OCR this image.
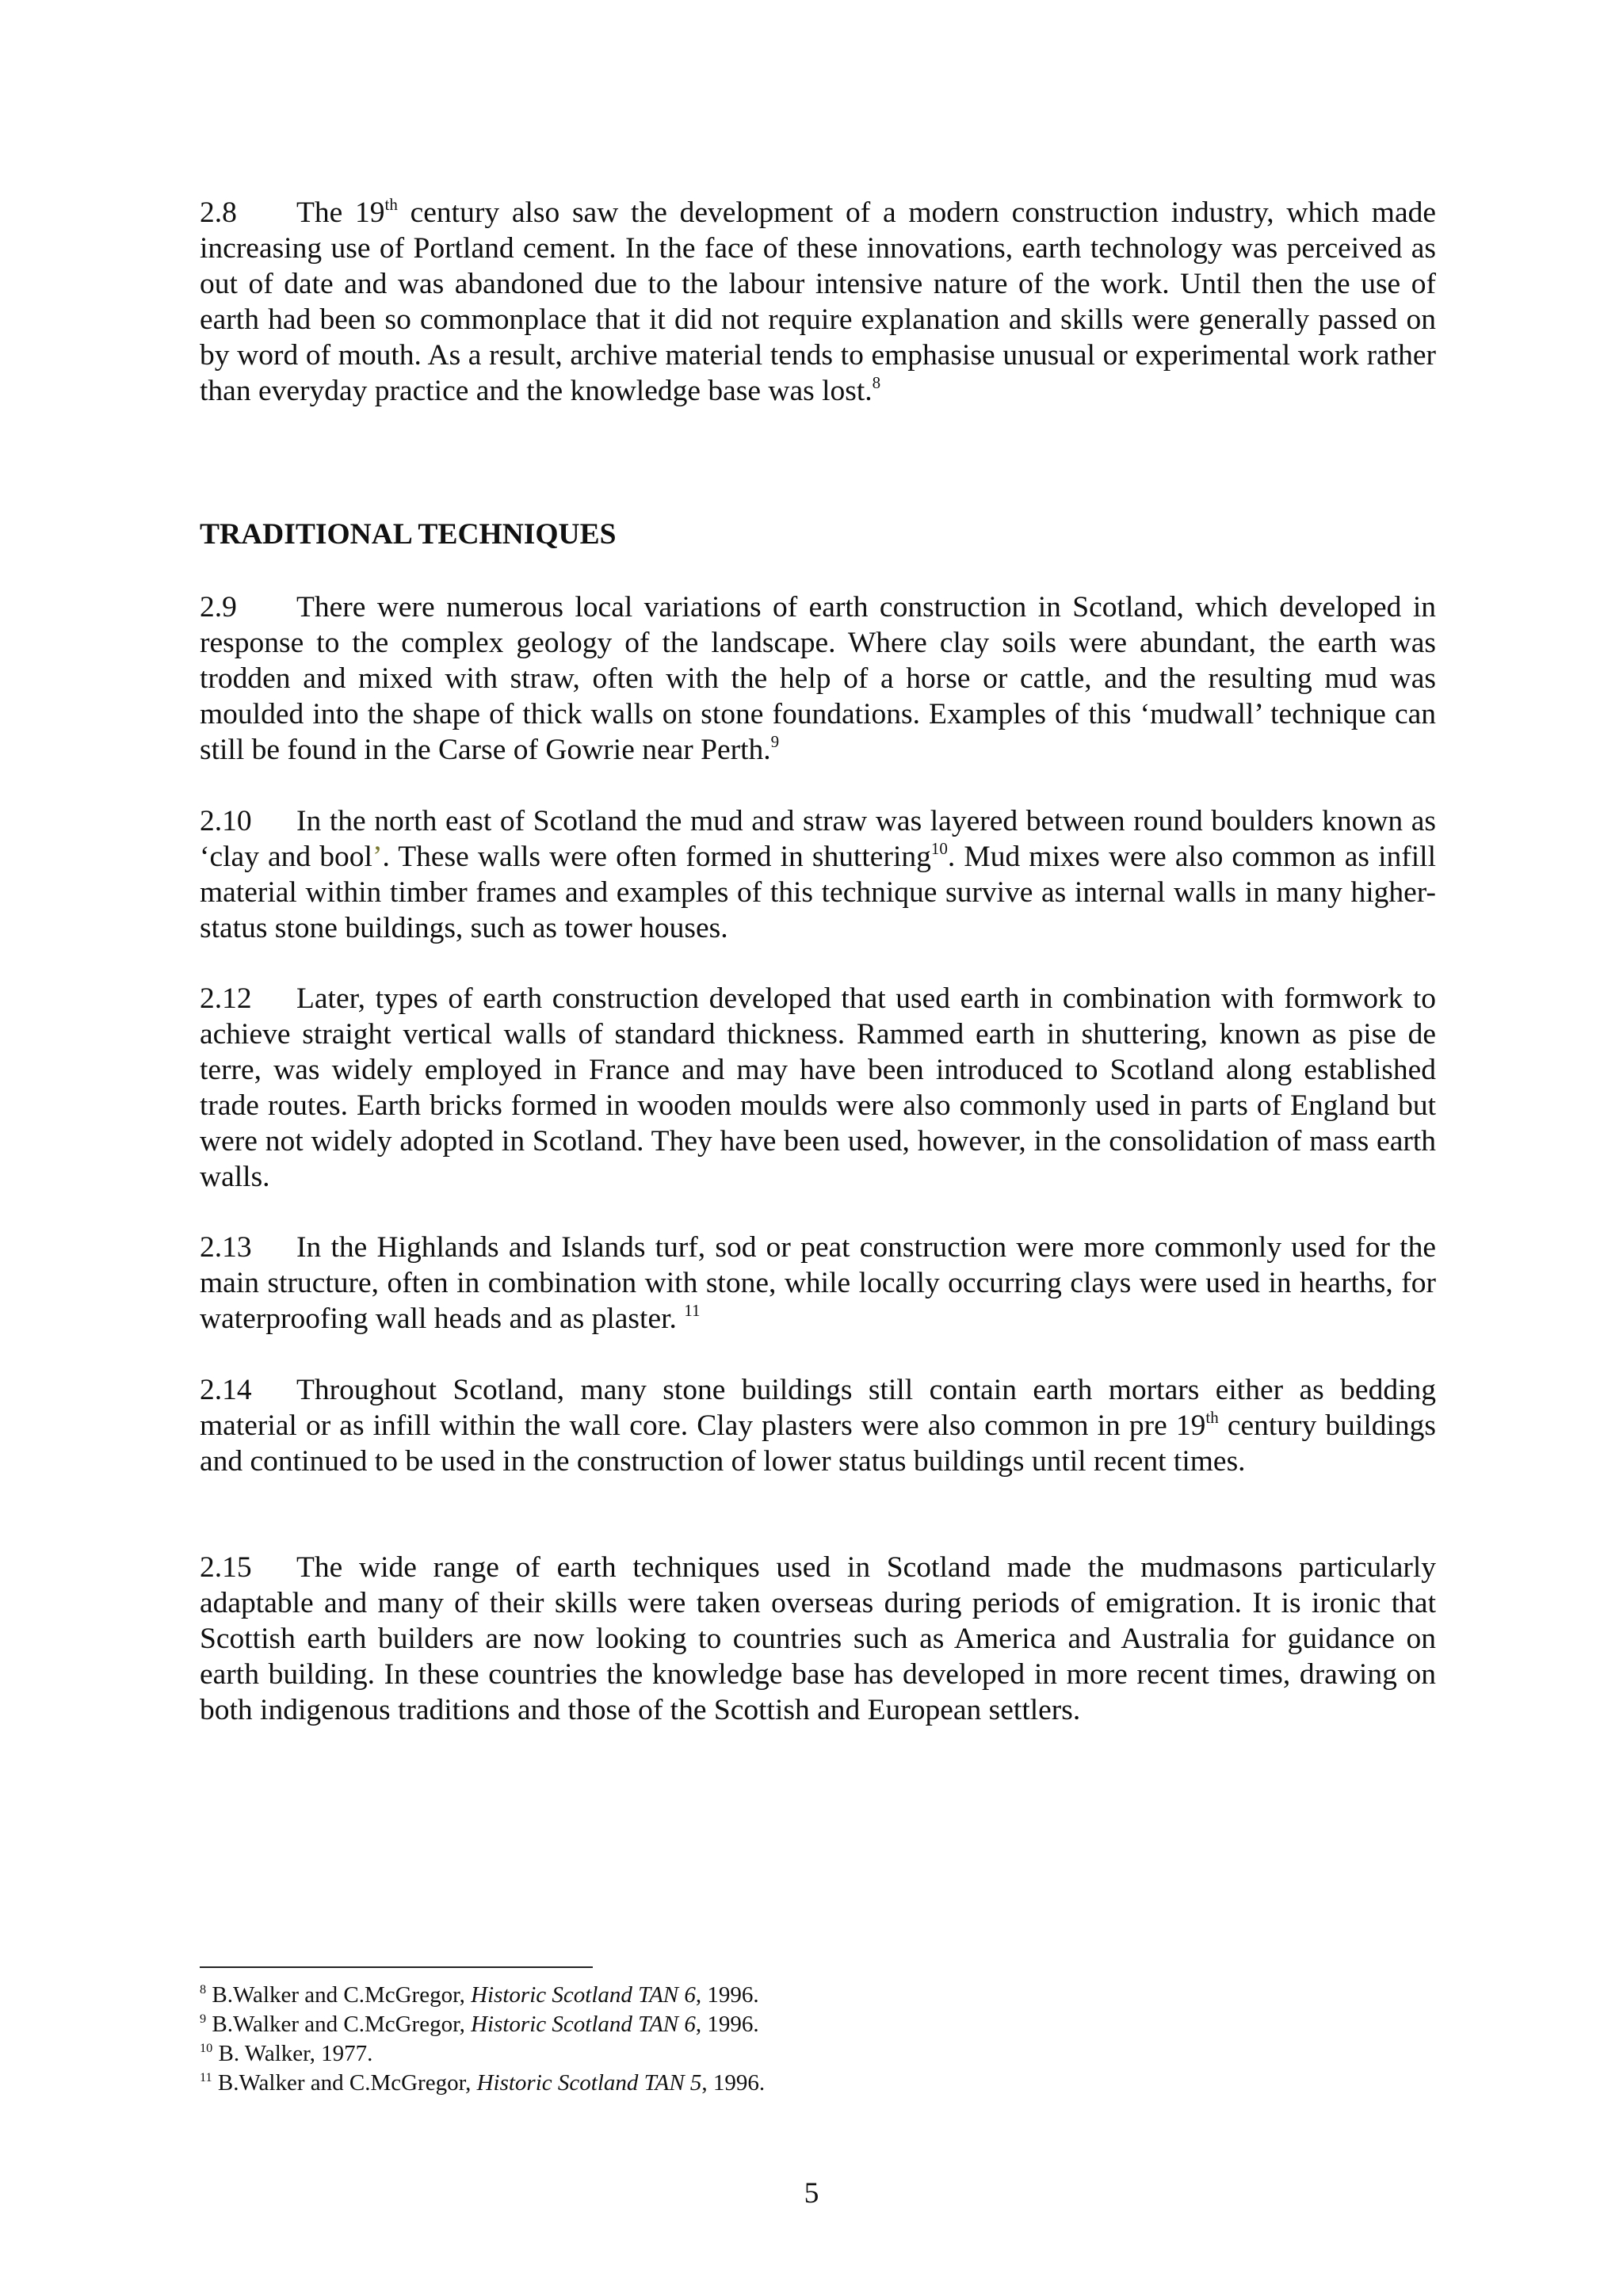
2.8 The 19th century also saw the development of a modern construction industry, which made increasing use of Portland cement. In the face of these innovations, earth technology was perceived as out of date and was abandoned due to the labour intensive nature of the work. Until then the use of earth had been so commonplace that it did not require explanation and skills were generally passed on by word of mouth. As a result, archive material tends to emphasise unusual or experimental work rather than everyday practice and the knowledge base was lost.$^8$

TRADITIONAL TECHNIQUES

2.9 There were numerous local variations of earth construction in Scotland, which developed in response to the complex geology of the landscape. Where clay soils were abundant, the earth was trodden and mixed with straw, often with the help of a horse or cattle, and the resulting mud was moulded into the shape of thick walls on stone foundations. Examples of this ‘mudwall’ technique can still be found in the Carse of Gowrie near Perth.$^9$

2.10 In the north east of Scotland the mud and straw was layered between round boulders known as ‘clay and bool’. These walls were often formed in shuttering$^{10}$. Mud mixes were also common as infill material within timber frames and examples of this technique survive as internal walls in many higher-status stone buildings, such as tower houses.

2.12 Later, types of earth construction developed that used earth in combination with formwork to achieve straight vertical walls of standard thickness. Rammed earth in shuttering, known as pise de terre, was widely employed in France and may have been introduced to Scotland along established trade routes. Earth bricks formed in wooden moulds were also commonly used in parts of England but were not widely adopted in Scotland. They have been used, however, in the consolidation of mass earth walls.

2.13 In the Highlands and Islands turf, sod or peat construction were more commonly used for the main structure, often in combination with stone, while locally occurring clays were used in hearths, for waterproofing wall heads and as plaster. $^{11}$

2.14 Throughout Scotland, many stone buildings still contain earth mortars either as bedding material or as infill within the wall core. Clay plasters were also common in pre 19th century buildings and continued to be used in the construction of lower status buildings until recent times.

2.15 The wide range of earth techniques used in Scotland made the mudmasons particularly adaptable and many of their skills were taken overseas during periods of emigration. It is ironic that Scottish earth builders are now looking to countries such as America and Australia for guidance on earth building. In these countries the knowledge base has developed in more recent times, drawing on both indigenous traditions and those of the Scottish and European settlers.

$^8$ B.Walker and C.McGregor, Historic Scotland TAN 6, 1996.

$^9$ B.Walker and C.McGregor, Historic Scotland TAN 6, 1996.

$^{10}$ B. Walker, 1977.

$^{11}$ B.Walker and C.McGregor, Historic Scotland TAN 5, 1996.

5
